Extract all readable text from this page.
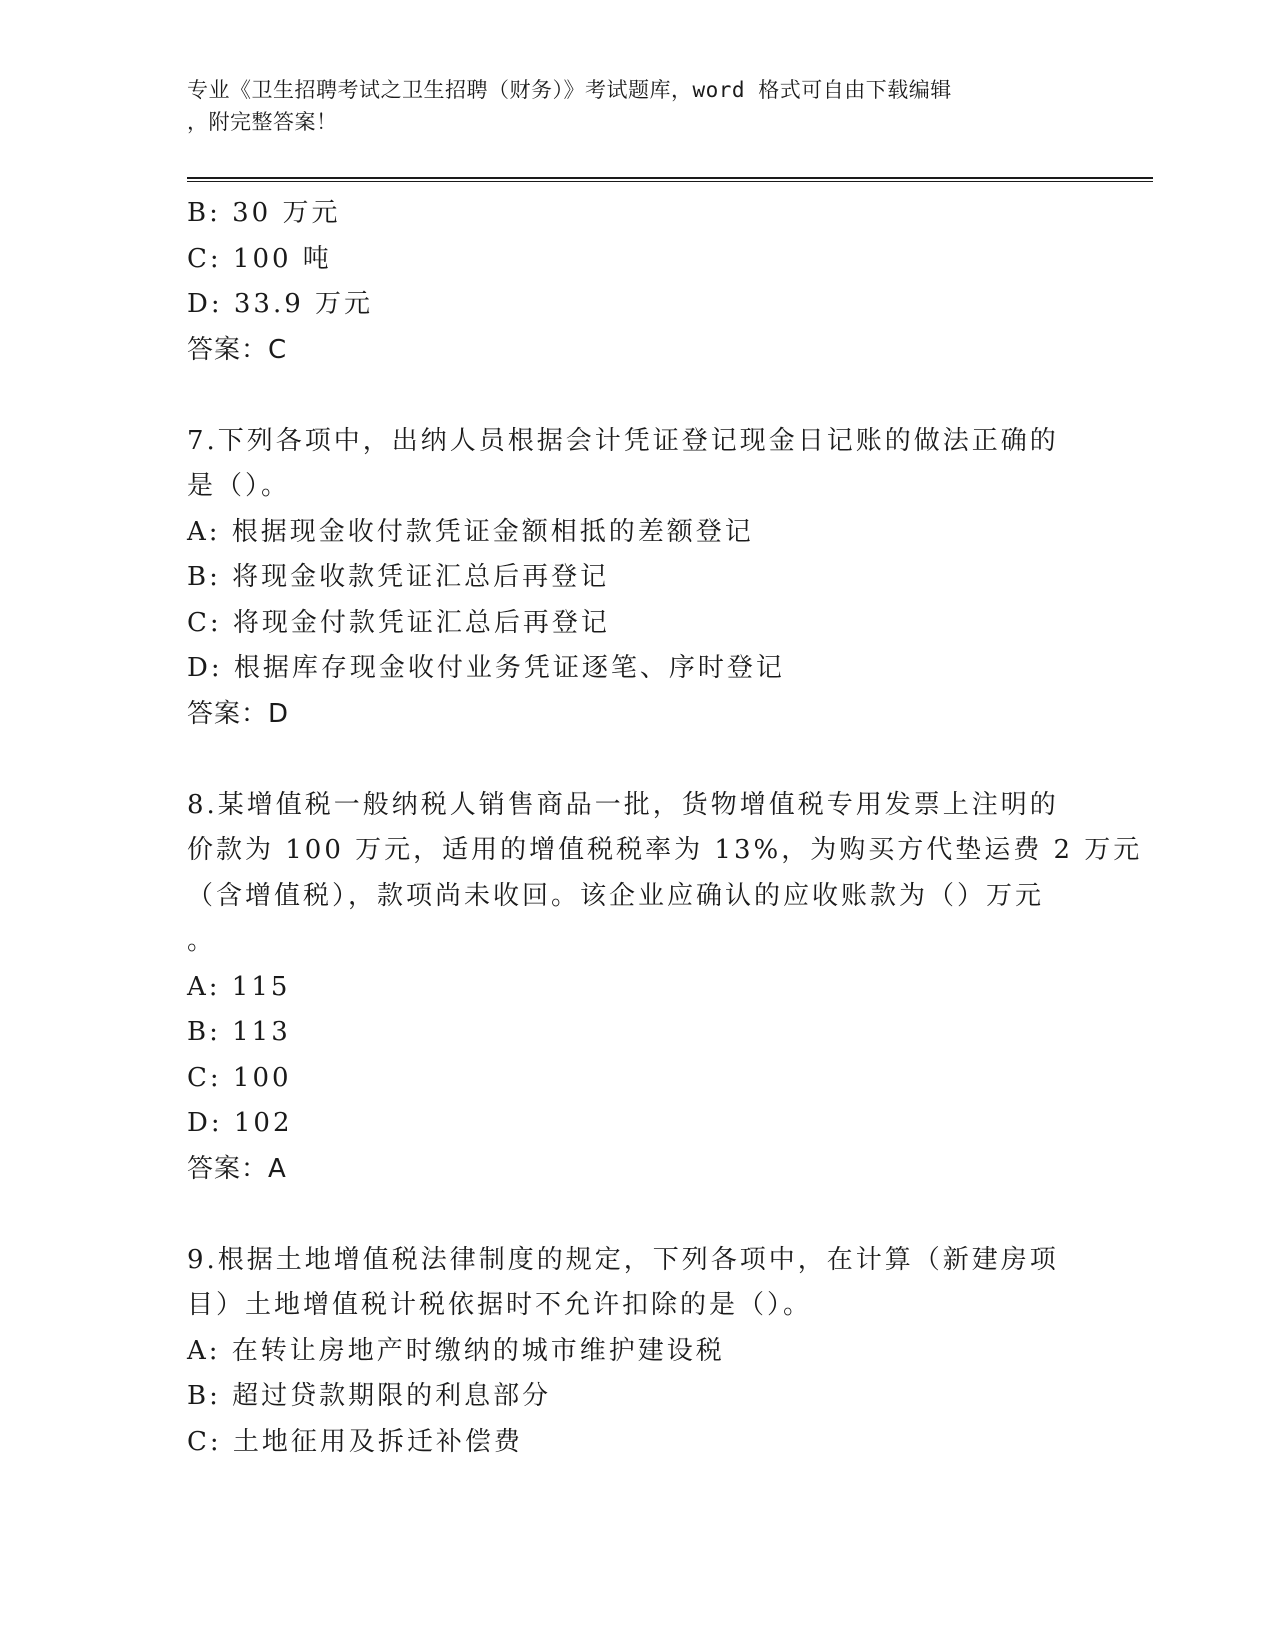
专业《卫生招聘考试之卫生招聘（财务）》考试题库，word 格式可自由下载编辑
，附完整答案！
B: 30 万元
C: 100 吨
D: 33.9 万元
答案：C
7.下列各项中，出纳人员根据会计凭证登记现金日记账的做法正确的
是（）。
A: 根据现金收付款凭证金额相抵的差额登记
B: 将现金收款凭证汇总后再登记
C: 将现金付款凭证汇总后再登记
D: 根据库存现金收付业务凭证逐笔、序时登记
答案：D
8.某增值税一般纳税人销售商品一批，货物增值税专用发票上注明的
价款为 100 万元，适用的增值税税率为 13%，为购买方代垫运费 2 万元
（含增值税），款项尚未收回。该企业应确认的应收账款为（）万元
。
A: 115
B: 113
C: 100
D: 102
答案：A
9.根据土地增值税法律制度的规定，下列各项中，在计算（新建房项
目）土地增值税计税依据时不允许扣除的是（）。
A: 在转让房地产时缴纳的城市维护建设税
B: 超过贷款期限的利息部分
C: 土地征用及拆迁补偿费
